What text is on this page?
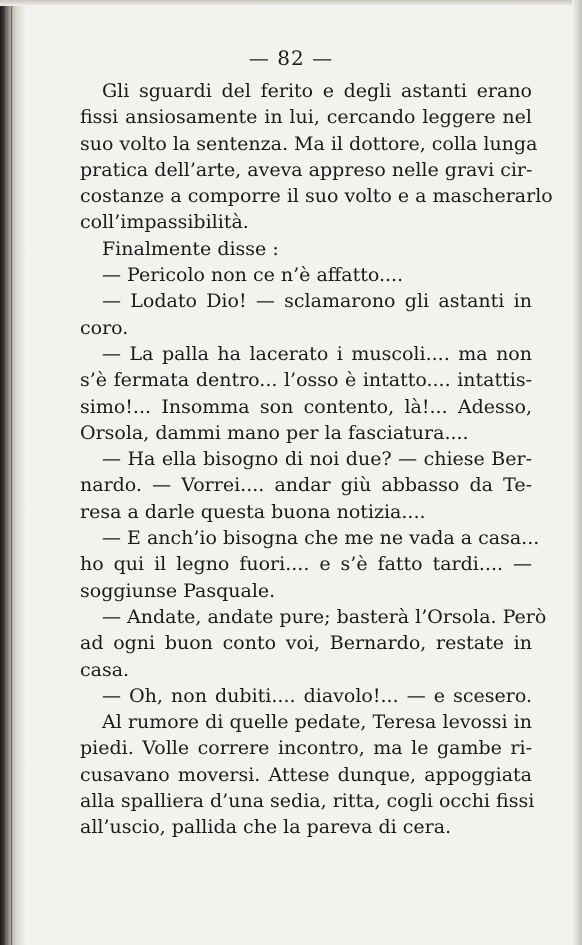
— 82 —
Gli sguardi del ferito e degli astanti erano
fissi ansiosamente in lui, cercando leggere nel
suo volto la sentenza. Ma il dottore, colla lunga
pratica dell’arte, aveva appreso nelle gravi cir-
costanze a comporre il suo volto e a mascherarlo
coll’impassibilità.
Finalmente disse :
— Pericolo non ce n’è affatto....
— Lodato Dio! — sclamarono gli astanti in
coro.
— La palla ha lacerato i muscoli.... ma non
s’è fermata dentro... l’osso è intatto.... intattis-
simo!... Insomma son contento, là!... Adesso,
Orsola, dammi mano per la fasciatura....
— Ha ella bisogno di noi due? — chiese Ber-
nardo. — Vorrei.... andar giù abbasso da Te-
resa a darle questa buona notizia....
— E anch’io bisogna che me ne vada a casa...
ho qui il legno fuori.... e s’è fatto tardi.... —
soggiunse Pasquale.
— Andate, andate pure; basterà l’Orsola. Però
ad ogni buon conto voi, Bernardo, restate in
casa.
— Oh, non dubiti.... diavolo!... — e scesero.
Al rumore di quelle pedate, Teresa levossi in
piedi. Volle correre incontro, ma le gambe ri-
cusavano moversi. Attese dunque, appoggiata
alla spalliera d’una sedia, ritta, cogli occhi fissi
all’uscio, pallida che la pareva di cera.
